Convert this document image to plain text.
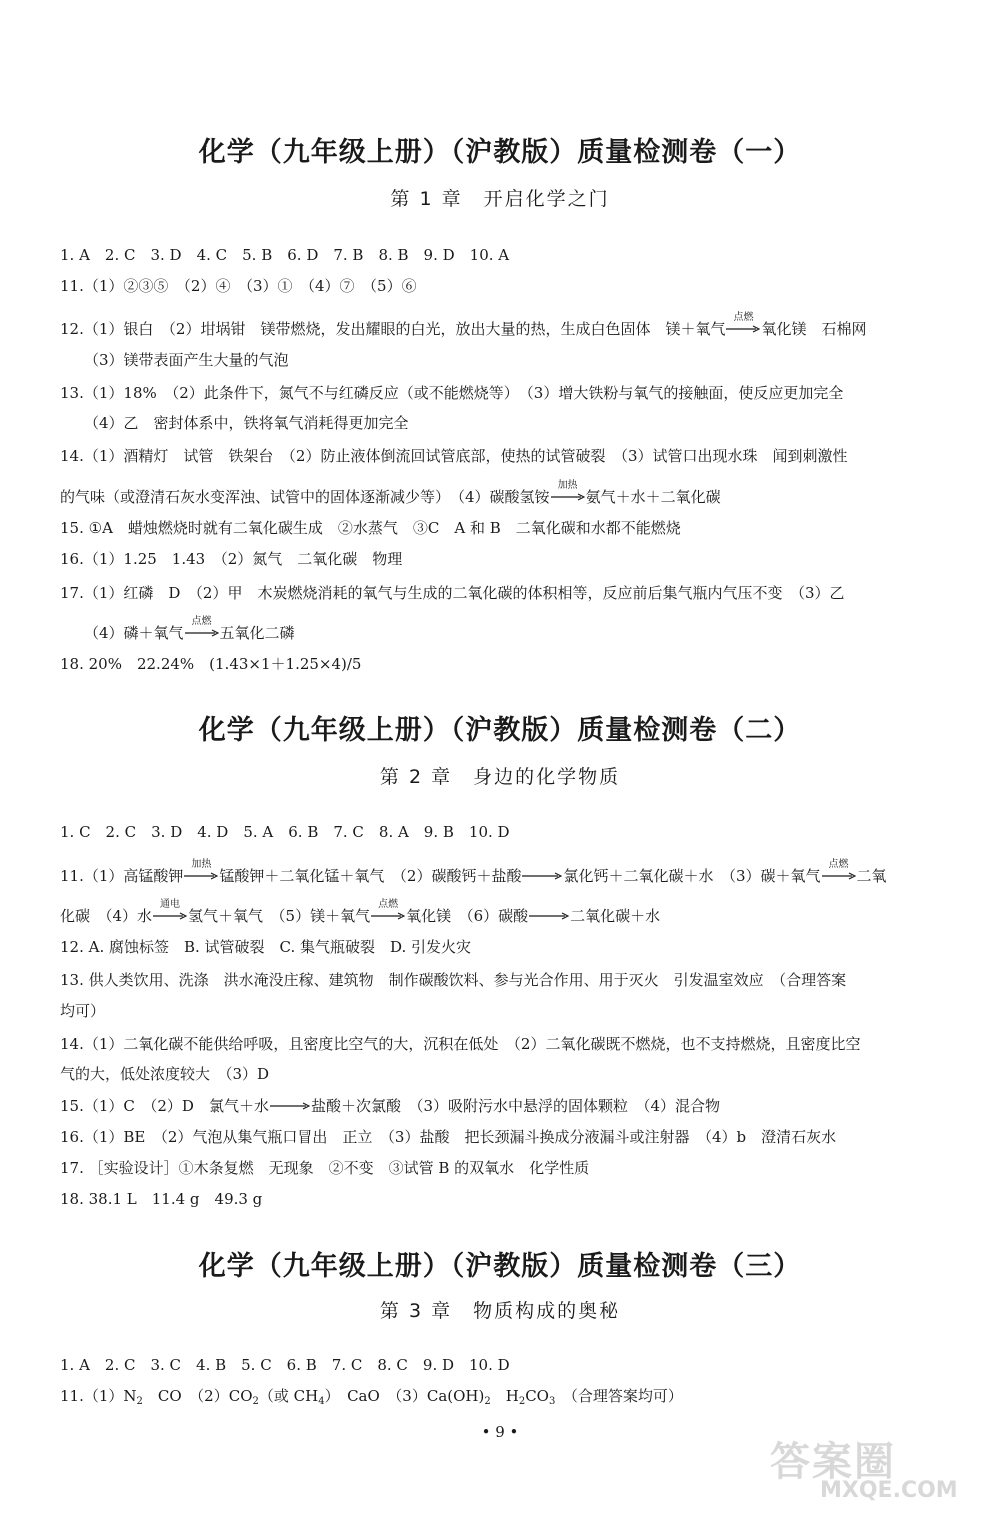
化学（九年级上册）（沪教版）质量检测卷（一）
第 1 章　开启化学之门
1. A　2. C　3. D　4. C　5. B　6. D　7. B　8. B　9. D　10. A
11.（1）②③⑤　（2）④　（3）①　（4）⑦　（5）⑥
12.（1）银白　（2）坩埚钳　镁带燃烧，发出耀眼的白光，放出大量的热，生成白色固体　镁＋氧气
点燃
氧化镁　石棉网
（3）镁带表面产生大量的气泡
13.（1）18%　（2）此条件下，氮气不与红磷反应（或不能燃烧等）　（3）增大铁粉与氧气的接触面，使反应更加完全
（4）乙　密封体系中，铁将氧气消耗得更加完全
14.（1）酒精灯　试管　铁架台　（2）防止液体倒流回试管底部，使热的试管破裂　（3）试管口出现水珠　闻到刺激性
的气味（或澄清石灰水变浑浊、试管中的固体逐渐减少等）　（4）碳酸氢铵
加热
氨气＋水＋二氧化碳
15. ①A　蜡烛燃烧时就有二氧化碳生成　②水蒸气　③C　A 和 B　二氧化碳和水都不能燃烧
16.（1）1.25　1.43　（2）氮气　二氧化碳　物理
17.（1）红磷　D　（2）甲　木炭燃烧消耗的氧气与生成的二氧化碳的体积相等，反应前后集气瓶内气压不变　（3）乙
（4）磷＋氧气
点燃
五氧化二磷
18. 20%　22.24%　(1.43×1＋1.25×4)/5
化学（九年级上册）（沪教版）质量检测卷（二）
第 2 章　身边的化学物质
1. C　2. C　3. D　4. D　5. A　6. B　7. C　8. A　9. B　10. D
11.（1）高锰酸钾
加热
锰酸钾＋二氧化锰＋氧气　（2）碳酸钙＋盐酸→氯化钙＋二氧化碳＋水　（3）碳＋氧气
点燃
二氧
化碳　（4）水
通电
氢气＋氧气　（5）镁＋氧气
点燃
氧化镁　（6）碳酸→二氧化碳＋水
12. A. 腐蚀标签　B. 试管破裂　C. 集气瓶破裂　D. 引发火灾
13. 供人类饮用、洗涤　洪水淹没庄稼、建筑物　制作碳酸饮料、参与光合作用、用于灭火　引发温室效应　（合理答案
均可）
14.（1）二氧化碳不能供给呼吸，且密度比空气的大，沉积在低处　（2）二氧化碳既不燃烧，也不支持燃烧，且密度比空
气的大，低处浓度较大　（3）D
15.（1）C　（2）D　氯气＋水→盐酸＋次氯酸　（3）吸附污水中悬浮的固体颗粒　（4）混合物
16.（1）BE　（2）气泡从集气瓶口冒出　正立　（3）盐酸　把长颈漏斗换成分液漏斗或注射器　（4）b　澄清石灰水
17. ［实验设计］①木条复燃　无现象　②不变　③试管 B 的双氧水　化学性质
18. 38.1 L　11.4 g　49.3 g
化学（九年级上册）（沪教版）质量检测卷（三）
第 3 章　物质构成的奥秘
1. A　2. C　3. C　4. B　5. C　6. B　7. C　8. C　9. D　10. D
$11.(1)N_2$　CO　$(2)CO_2$（或 $CH_4$）　CaO　$(3)Ca(OH)_2$　$H_2CO_3$　（合理答案均可）
• 9 •
答案圈
MXQE.COM
